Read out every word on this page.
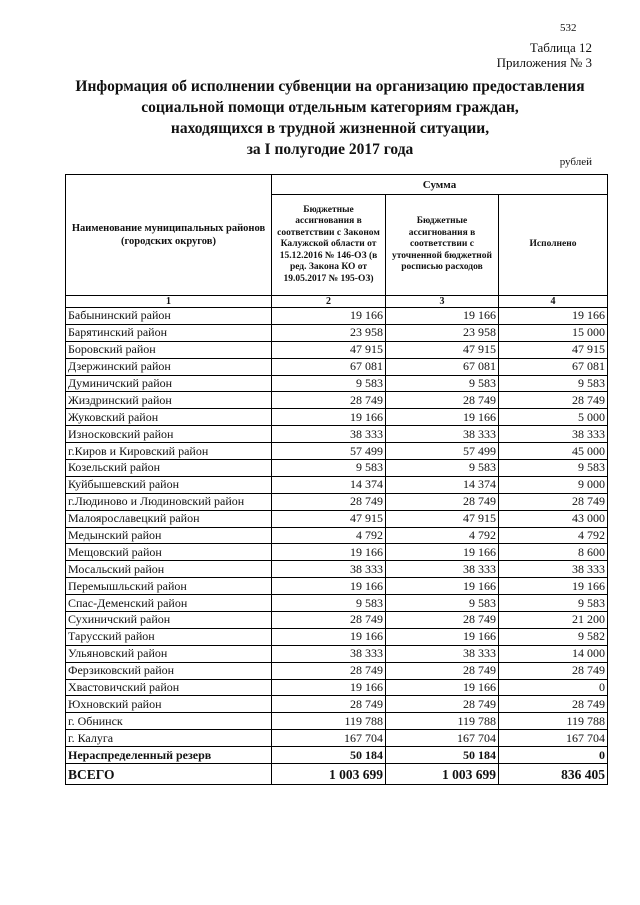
532
Таблица 12
Приложения № 3
Информация об исполнении субвенции на организацию предоставления
социальной помощи отдельным категориям граждан,
находящихся в трудной жизненной ситуации,
за I полугодие 2017 года
рублей
Наименование муниципальных районов (городских округов)	Сумма		
	Бюджетные ассигнования в соответствии с Законом Калужской области от 15.12.2016 № 146-ОЗ (в ред. Закона КО от 19.05.2017 № 195-ОЗ)	Бюджетные ассигнования в соответствии с уточненной бюджетной росписью расходов	Исполнено
1	2	3	4
Бабынинский район	19 166	19 166	19 166
Барятинский район	23 958	23 958	15 000
Боровский район	47 915	47 915	47 915
Дзержинский район	67 081	67 081	67 081
Думиничский район	9 583	9 583	9 583
Жиздринский район	28 749	28 749	28 749
Жуковский район	19 166	19 166	5 000
Износковский район	38 333	38 333	38 333
г.Киров и Кировский район	57 499	57 499	45 000
Козельский район	9 583	9 583	9 583
Куйбышевский район	14 374	14 374	9 000
г.Людиново и Людиновский район	28 749	28 749	28 749
Малоярославецкий район	47 915	47 915	43 000
Медынский район	4 792	4 792	4 792
Мещовский район	19 166	19 166	8 600
Мосальский район	38 333	38 333	38 333
Перемышльский район	19 166	19 166	19 166
Спас-Деменский район	9 583	9 583	9 583
Сухиничский район	28 749	28 749	21 200
Тарусский район	19 166	19 166	9 582
Ульяновский район	38 333	38 333	14 000
Ферзиковский район	28 749	28 749	28 749
Хвастовичский район	19 166	19 166	0
Юхновский район	28 749	28 749	28 749
г. Обнинск	119 788	119 788	119 788
г. Калуга	167 704	167 704	167 704
Нераспределенный резерв	50 184	50 184	0
ВСЕГО	1 003 699	1 003 699	836 405
